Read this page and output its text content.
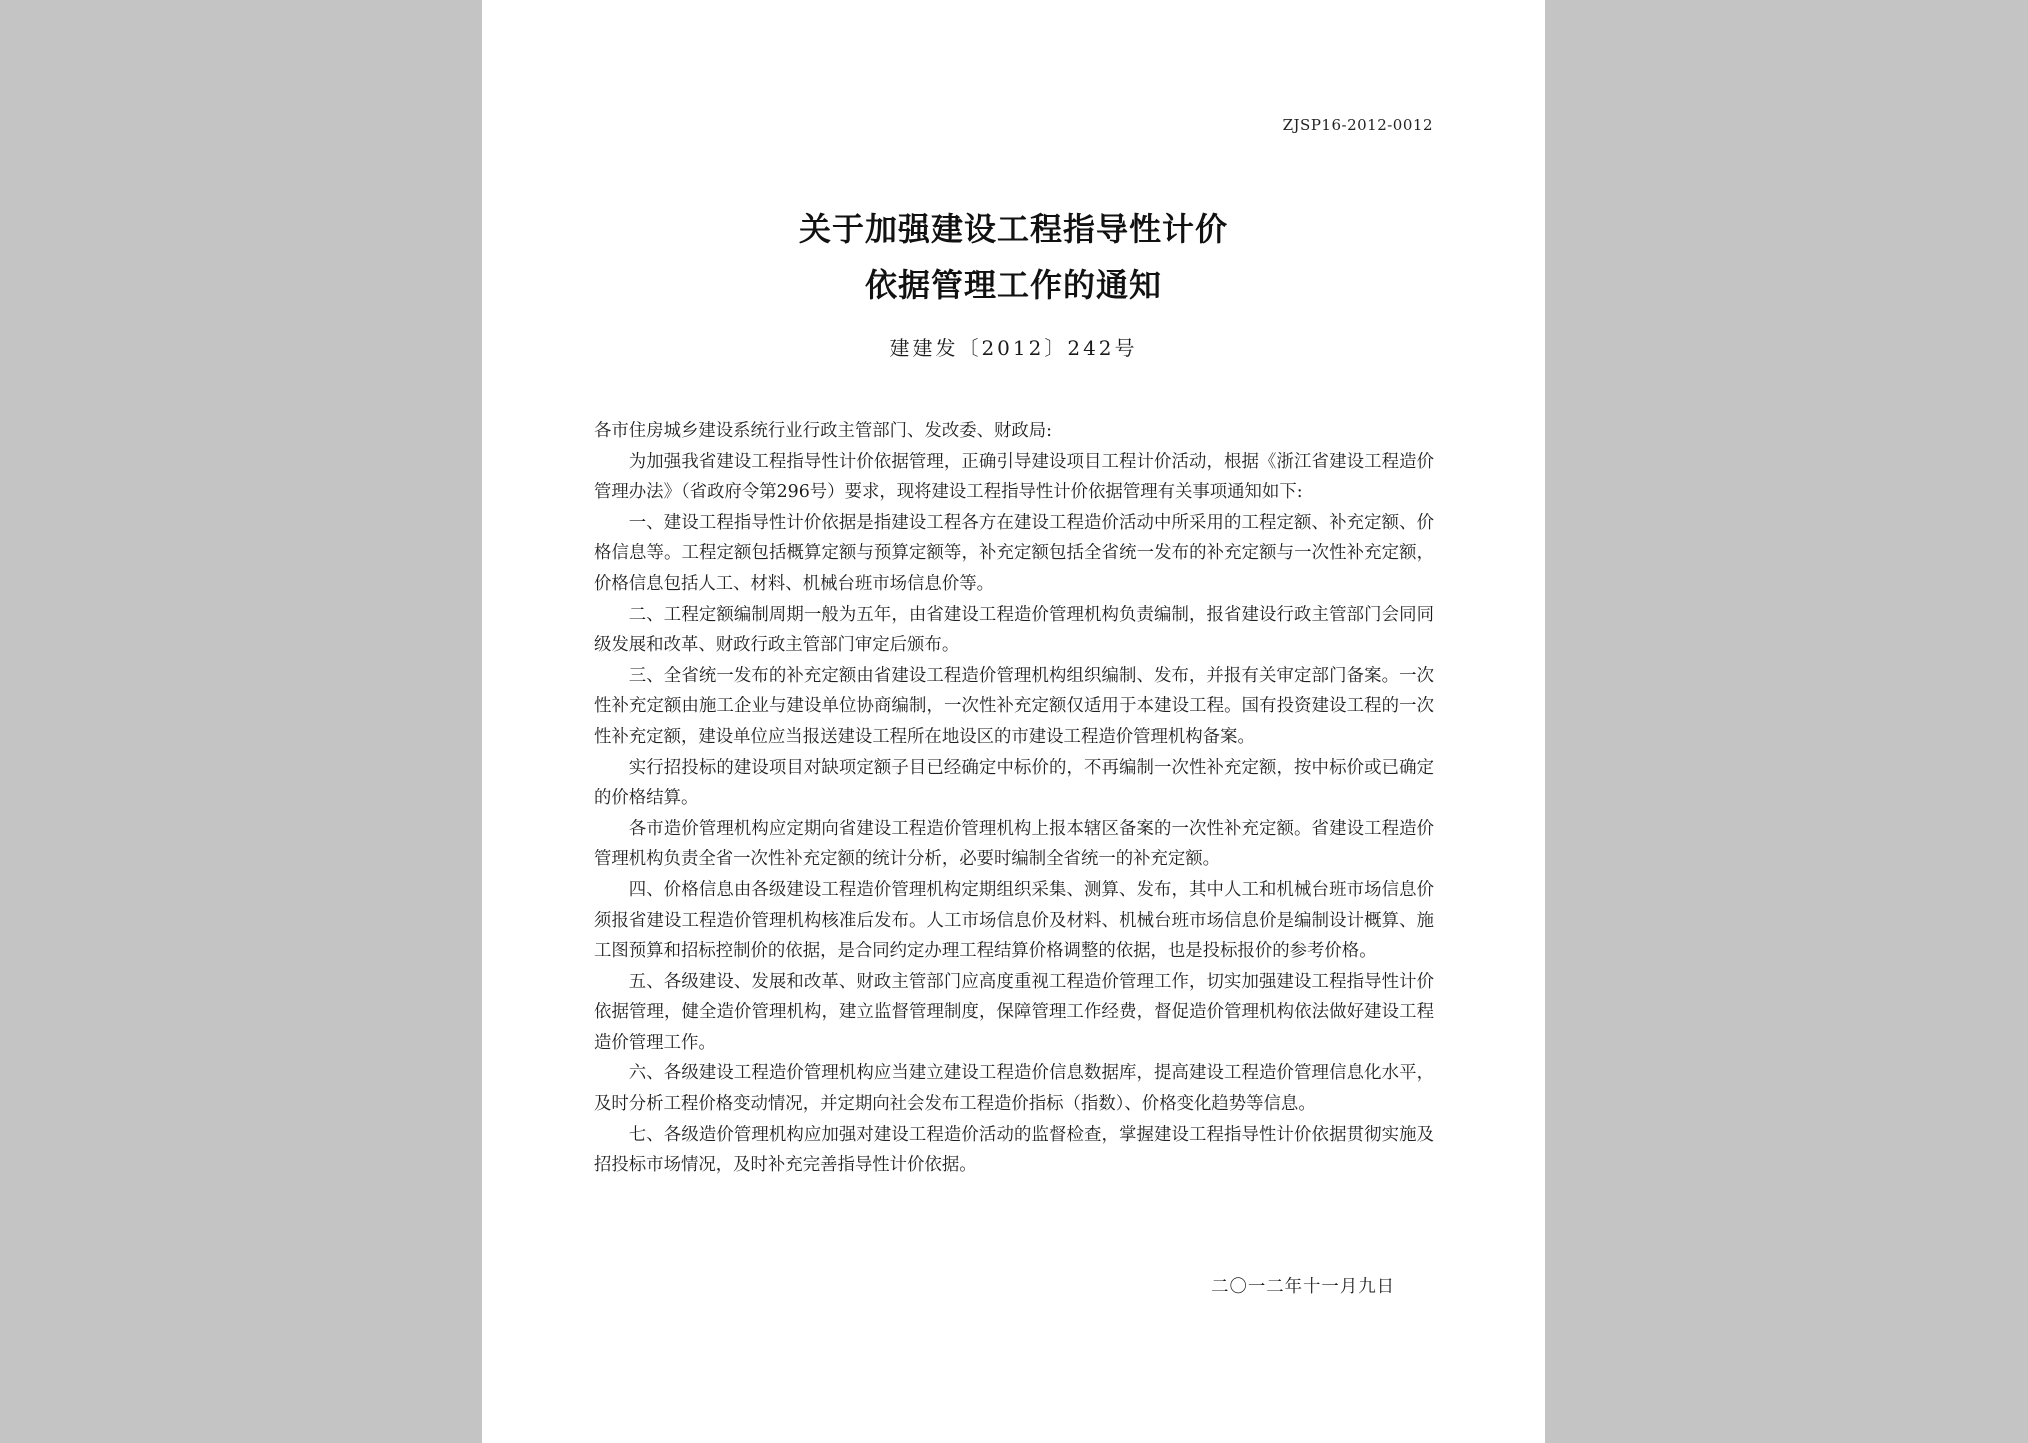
ZJSP16-2012-0012
关于加强建设工程指导性计价
依据管理工作的通知
建建发〔2012〕242号

各市住房城乡建设系统行业行政主管部门、发改委、财政局:

为加强我省建设工程指导性计价依据管理，正确引导建设项目工程计价活动，根据《浙江省建设工程造价管理办法》（省政府令第296号）要求，现将建设工程指导性计价依据管理有关事项通知如下:

一、建设工程指导性计价依据是指建设工程各方在建设工程造价活动中所采用的工程定额、补充定额、价格信息等。工程定额包括概算定额与预算定额等，补充定额包括全省统一发布的补充定额与一次性补充定额，价格信息包括人工、材料、机械台班市场信息价等。

二、工程定额编制周期一般为五年，由省建设工程造价管理机构负责编制，报省建设行政主管部门会同同级发展和改革、财政行政主管部门审定后颁布。

三、全省统一发布的补充定额由省建设工程造价管理机构组织编制、发布，并报有关审定部门备案。一次性补充定额由施工企业与建设单位协商编制，一次性补充定额仅适用于本建设工程。国有投资建设工程的一次性补充定额，建设单位应当报送建设工程所在地设区的市建设工程造价管理机构备案。

实行招投标的建设项目对缺项定额子目已经确定中标价的，不再编制一次性补充定额，按中标价或已确定的价格结算。

各市造价管理机构应定期向省建设工程造价管理机构上报本辖区备案的一次性补充定额。省建设工程造价管理机构负责全省一次性补充定额的统计分析，必要时编制全省统一的补充定额。

四、价格信息由各级建设工程造价管理机构定期组织采集、测算、发布，其中人工和机械台班市场信息价须报省建设工程造价管理机构核准后发布。人工市场信息价及材料、机械台班市场信息价是编制设计概算、施工图预算和招标控制价的依据，是合同约定办理工程结算价格调整的依据，也是投标报价的参考价格。

五、各级建设、发展和改革、财政主管部门应高度重视工程造价管理工作，切实加强建设工程指导性计价依据管理，健全造价管理机构，建立监督管理制度，保障管理工作经费，督促造价管理机构依法做好建设工程造价管理工作。

六、各级建设工程造价管理机构应当建立建设工程造价信息数据库，提高建设工程造价管理信息化水平，及时分析工程价格变动情况，并定期向社会发布工程造价指标（指数）、价格变化趋势等信息。

七、各级造价管理机构应加强对建设工程造价活动的监督检查，掌握建设工程指导性计价依据贯彻实施及招投标市场情况，及时补充完善指导性计价依据。

二〇一二年十一月九日
